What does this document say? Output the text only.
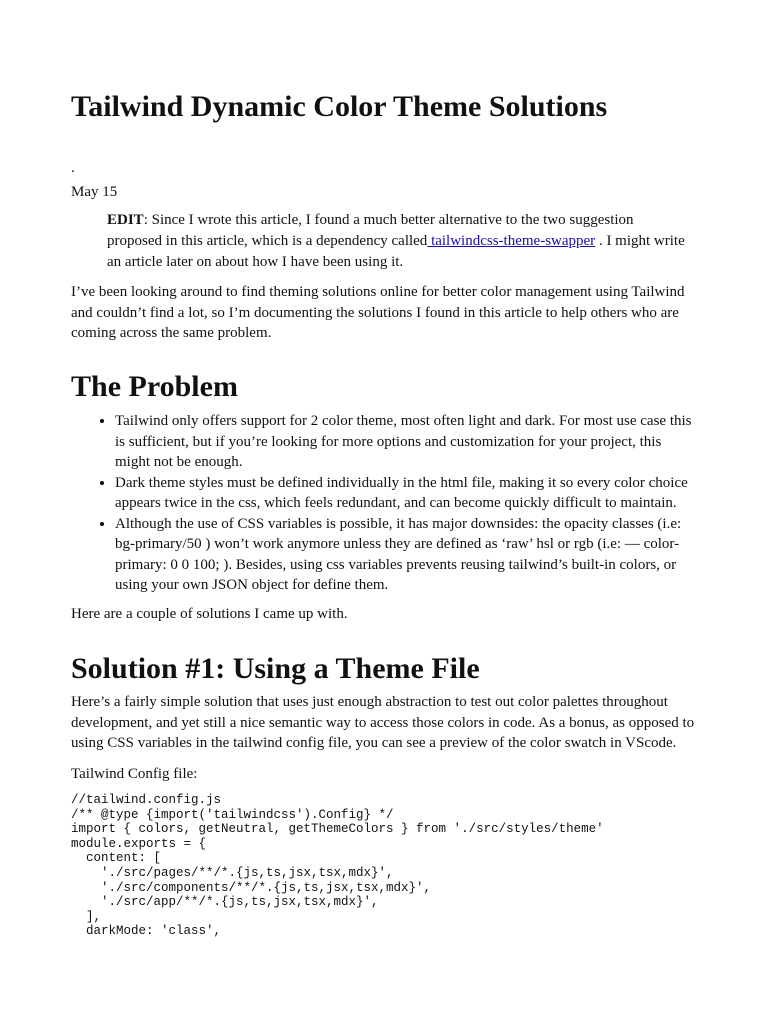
Tailwind Dynamic Color Theme Solutions
.
May 15

EDIT: Since I wrote this article, I found a much better alternative to the two suggestion proposed in this article, which is a dependency called tailwindcss-theme-swapper . I might write an article later on about how I have been using it.

I’ve been looking around to find theming solutions online for better color management using Tailwind and couldn’t find a lot, so I’m documenting the solutions I found in this article to help others who are coming across the same problem.

The Problem
• Tailwind only offers support for 2 color theme, most often light and dark. For most use case this is sufficient, but if you’re looking for more options and customization for your project, this might not be enough.
• Dark theme styles must be defined individually in the html file, making it so every color choice appears twice in the css, which feels redundant, and can become quickly difficult to maintain.
• Although the use of CSS variables is possible, it has major downsides: the opacity classes (i.e: bg-primary/50 ) won’t work anymore unless they are defined as ‘raw’ hsl or rgb (i.e: — color-primary: 0 0 100; ). Besides, using css variables prevents reusing tailwind’s built-in colors, or using your own JSON object for define them.

Here are a couple of solutions I came up with.

Solution #1: Using a Theme File

Here’s a fairly simple solution that uses just enough abstraction to test out color palettes throughout development, and yet still a nice semantic way to access those colors in code. As a bonus, as opposed to using CSS variables in the tailwind config file, you can see a preview of the color swatch in VScode.

Tailwind Config file:

//tailwind.config.js
/** @type {import('tailwindcss').Config} */
import { colors, getNeutral, getThemeColors } from './src/styles/theme'
module.exports = {
content: [
'./src/pages/**/*.{js,ts,jsx,tsx,mdx}',
'./src/components/**/*.{js,ts,jsx,tsx,mdx}',
'./src/app/**/*.{js,ts,jsx,tsx,mdx}',
],
darkMode: 'class',
